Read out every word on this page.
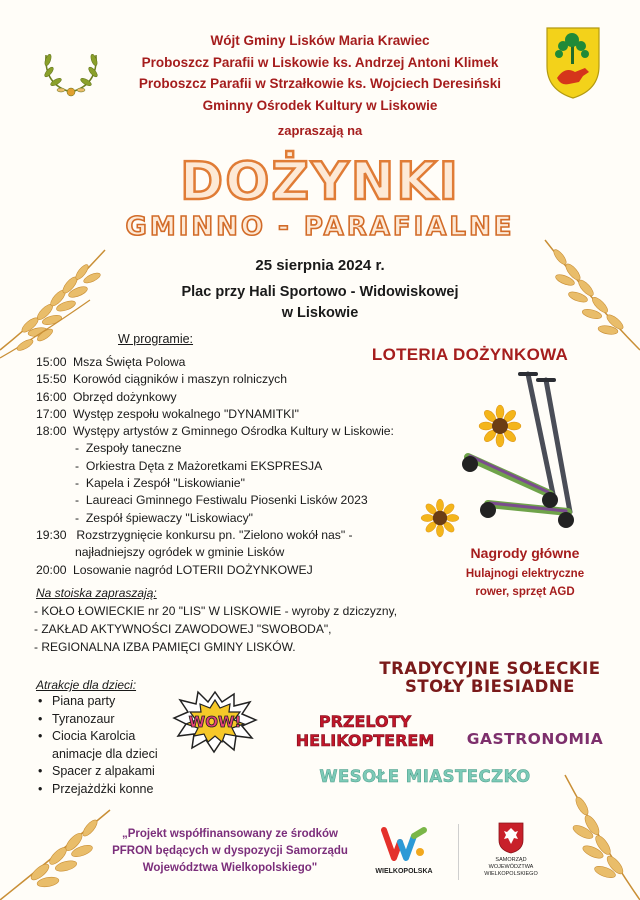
Wójt Gminy Lisków Maria Krawiec
Proboszcz Parafii w Liskowie ks. Andrzej Antoni Klimek
Proboszcz Parafii w Strzałkowie ks. Wojciech Deresiński
Gminny Ośrodek Kultury w Liskowie
zapraszają na
DOŻYNKI
GMINNO - PARAFIALNE
25 sierpnia 2024 r.
Plac przy Hali Sportowo - Widowiskowej
w Liskowie
W programie:
15:00 Msza Święta Polowa
15:50 Korowód ciągników i maszyn rolniczych
16:00 Obrzęd dożynkowy
17:00 Występ zespołu wokalnego "DYNAMITKI"
18:00 Występy artystów z Gminnego Ośrodka Kultury w Liskowie:
- Zespoły taneczne
- Orkiestra Dęta z Mażoretkami EKSPRESJA
- Kapela i Zespół "Liskowianie"
- Laureaci Gminnego Festiwalu Piosenki Lisków 2023
- Zespół śpiewaczy "Liskowiacy"
19:30 Rozstrzygnięcie konkursu pn. "Zielono wokół nas" -
najładniejszy ogródek w gminie Lisków
20:00 Losowanie nagród LOTERII DOŻYNKOWEJ
Na stoiska zapraszają:
- KOŁO ŁOWIECKIE nr 20 "LIS" W LISKOWIE - wyroby z dziczyzny,
- ZAKŁAD AKTYWNOŚCI ZAWODOWEJ "SWOBODA",
- REGIONALNA IZBA PAMIĘCI GMINY LISKÓW.
Atrakcje dla dzieci:
• Piana party
• Tyranozaur
• Ciocia Karolcia
animacje dla dzieci
• Spacer z alpakami
• Przejażdżki konne
WOW!
LOTERIA DOŻYNKOWA
Nagrody główne
Hulajnogi elektryczne
rower, sprzęt AGD
TRADYCYJNE SOŁECKIE
STOŁY BIESIADNE
PRZELOTY
HELIKOPTEREM	GASTRONOMIA
WESOŁE MIASTECZKO
„Projekt współfinansowany ze środków
PFRON będących w dyspozycji Samorządu
Województwa Wielkopolskiego"	WIELKOPOLSKA
SAMORZĄD
WOJEWÓDZTWA
WIELKOPOLSKIEGO
